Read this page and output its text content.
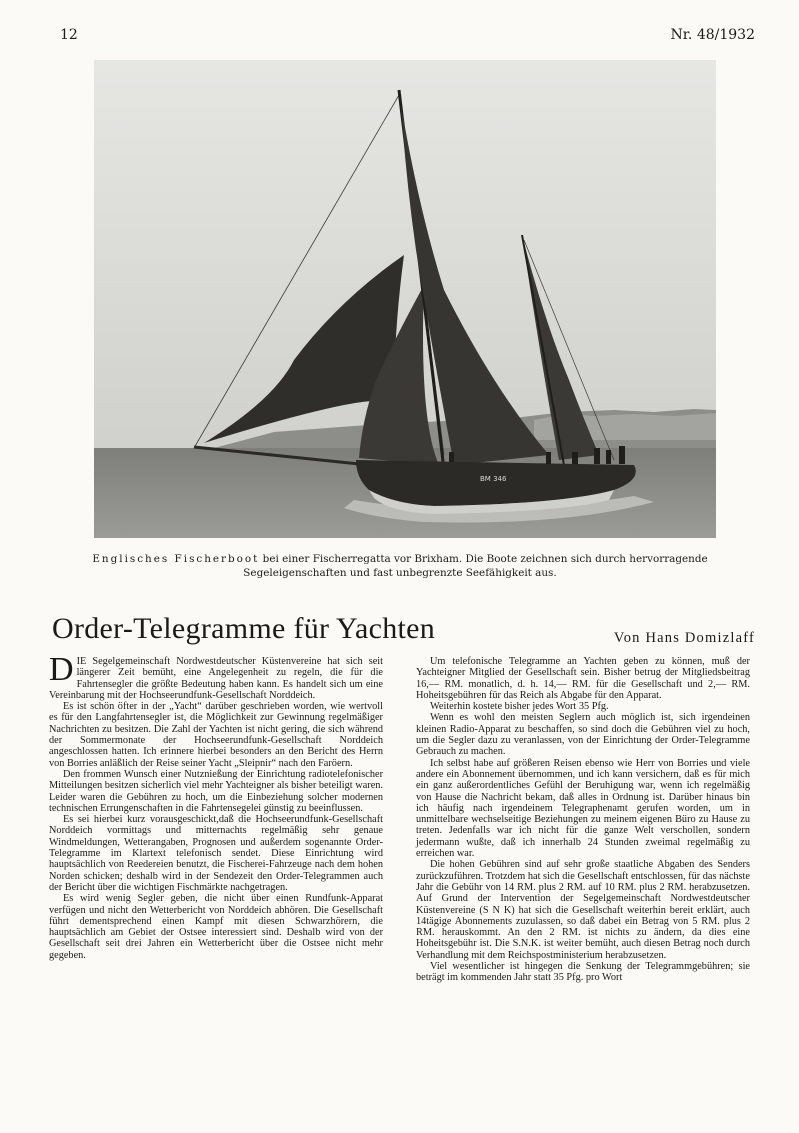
12	Nr. 48/1932
BM 346
Englisches Fischerboot bei einer Fischerregatta vor Brixham. Die Boote zeichnen sich durch hervorragende Segeleigenschaften und fast unbegrenzte Seefähigkeit aus.
Order-Telegramme für Yachten	Von Hans Domizlaff

DIE Segelgemeinschaft Nordwestdeutscher Küstenvereine hat sich seit längerer Zeit bemüht, eine Angelegenheit zu regeln, die für die Fahrtensegler die größte Bedeutung haben kann. Es handelt sich um eine Vereinbarung mit der Hochseerundfunk-Gesellschaft Norddeich.

Es ist schön öfter in der „Yacht“ darüber geschrieben worden, wie wertvoll es für den Langfahrtensegler ist, die Möglichkeit zur Gewinnung regelmäßiger Nachrichten zu besitzen. Die Zahl der Yachten ist nicht gering, die sich während der Sommermonate der Hochseerundfunk-Gesellschaft Norddeich angeschlossen hatten. Ich erinnere hierbei besonders an den Bericht des Herrn von Borries anläßlich der Reise seiner Yacht „Sleipnir“ nach den Faröern.

Den frommen Wunsch einer Nutznießung der Einrichtung radiotelefonischer Mitteilungen besitzen sicherlich viel mehr Yachteigner als bisher beteiligt waren. Leider waren die Gebühren zu hoch, um die Einbeziehung solcher modernen technischen Errungenschaften in die Fahrtensegelei günstig zu beeinflussen.

Es sei hierbei kurz vorausgeschickt,daß die Hochseerundfunk-Gesellschaft Norddeich vormittags und mitternachts regelmäßig sehr genaue Windmeldungen, Wetterangaben, Prognosen und außerdem sogenannte Order-Telegramme im Klartext telefonisch sendet. Diese Einrichtung wird hauptsächlich von Reedereien benutzt, die Fischerei-Fahrzeuge nach dem hohen Norden schicken; deshalb wird in der Sendezeit den Order-Telegrammen auch der Bericht über die wichtigen Fischmärkte nachgetragen.

Es wird wenig Segler geben, die nicht über einen Rundfunk-Apparat verfügen und nicht den Wetterbericht von Norddeich abhören. Die Gesellschaft führt dementsprechend einen Kampf mit diesen Schwarzhörern, die hauptsächlich am Gebiet der Ostsee interessiert sind. Deshalb wird von der Gesellschaft seit drei Jahren ein Wetterbericht über die Ostsee nicht mehr gegeben.

Um telefonische Telegramme an Yachten geben zu können, muß der Yachteigner Mitglied der Gesellschaft sein. Bisher betrug der Mitgliedsbeitrag 16,— RM. monatlich, d. h. 14,— RM. für die Gesellschaft und 2,— RM. Hoheitsgebühren für das Reich als Abgabe für den Apparat.

Weiterhin kostete bisher jedes Wort 35 Pfg.

Wenn es wohl den meisten Seglern auch möglich ist, sich irgendeinen kleinen Radio-Apparat zu beschaffen, so sind doch die Gebühren viel zu hoch, um die Segler dazu zu veranlassen, von der Einrichtung der Order-Telegramme Gebrauch zu machen.

Ich selbst habe auf größeren Reisen ebenso wie Herr von Borries und viele andere ein Abonnement übernommen, und ich kann versichern, daß es für mich ein ganz außerordentliches Gefühl der Beruhigung war, wenn ich regelmäßig von Hause die Nachricht bekam, daß alles in Ordnung ist. Darüber hinaus bin ich häufig nach irgendeinem Telegraphenamt gerufen worden, um in unmittelbare wechselseitige Beziehungen zu meinem eigenen Büro zu Hause zu treten. Jedenfalls war ich nicht für die ganze Welt verschollen, sondern jedermann wußte, daß ich innerhalb 24 Stunden zweimal regelmäßig zu erreichen war.

Die hohen Gebühren sind auf sehr große staatliche Abgaben des Senders zurückzuführen. Trotzdem hat sich die Gesellschaft entschlossen, für das nächste Jahr die Gebühr von 14 RM. plus 2 RM. auf 10 RM. plus 2 RM. herabzusetzen. Auf Grund der Intervention der Segelgemeinschaft Nordwestdeutscher Küstenvereine (S N K) hat sich die Gesellschaft weiterhin bereit erklärt, auch 14tägige Abonnements zuzulassen, so daß dabei ein Betrag von 5 RM. plus 2 RM. herauskommt. An den 2 RM. ist nichts zu ändern, da dies eine Hoheitsgebühr ist. Die S.N.K. ist weiter bemüht, auch diesen Betrag noch durch Verhandlung mit dem Reichspostministerium herabzusetzen.

Viel wesentlicher ist hingegen die Senkung der Telegrammgebühren; sie beträgt im kommenden Jahr statt 35 Pfg. pro Wort
